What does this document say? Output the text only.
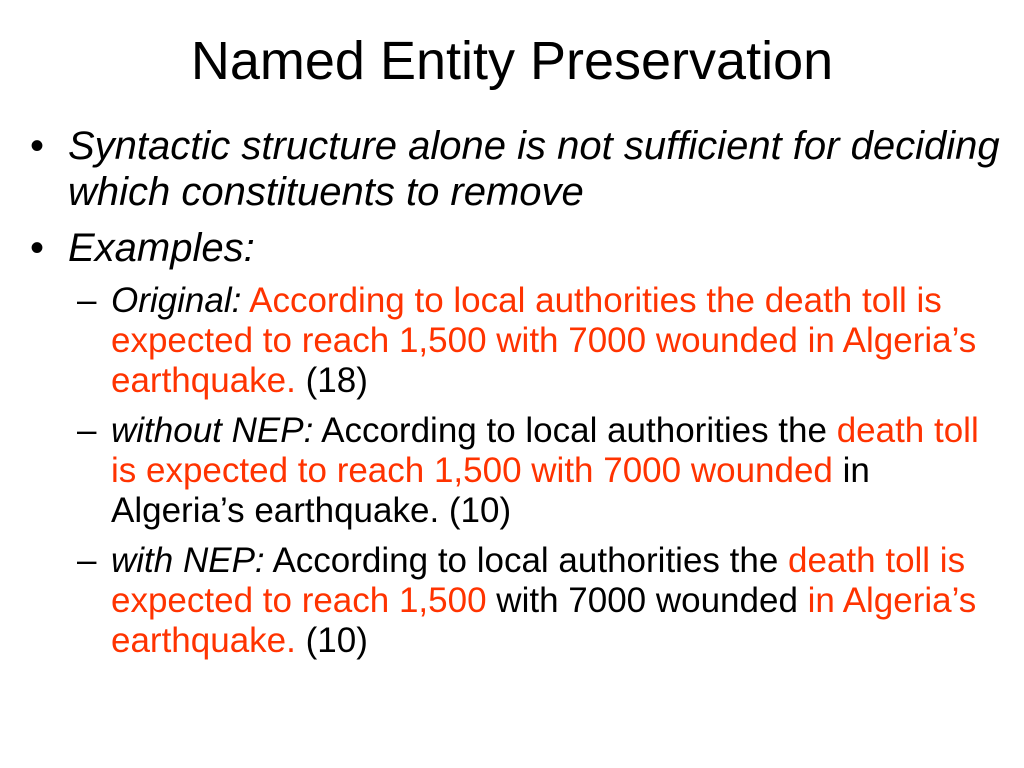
Named Entity Preservation
• Syntactic structure alone is not sufficient for deciding which constituents to remove
• Examples:
– Original: According to local authorities the death toll is expected to reach 1,500 with 7000 wounded in Algeria’s earthquake. (18)
– without NEP: According to local authorities the death toll is expected to reach 1,500 with 7000 wounded in Algeria’s earthquake. (10)
– with NEP: According to local authorities the death toll is expected to reach 1,500 with 7000 wounded in Algeria’s earthquake. (10)
